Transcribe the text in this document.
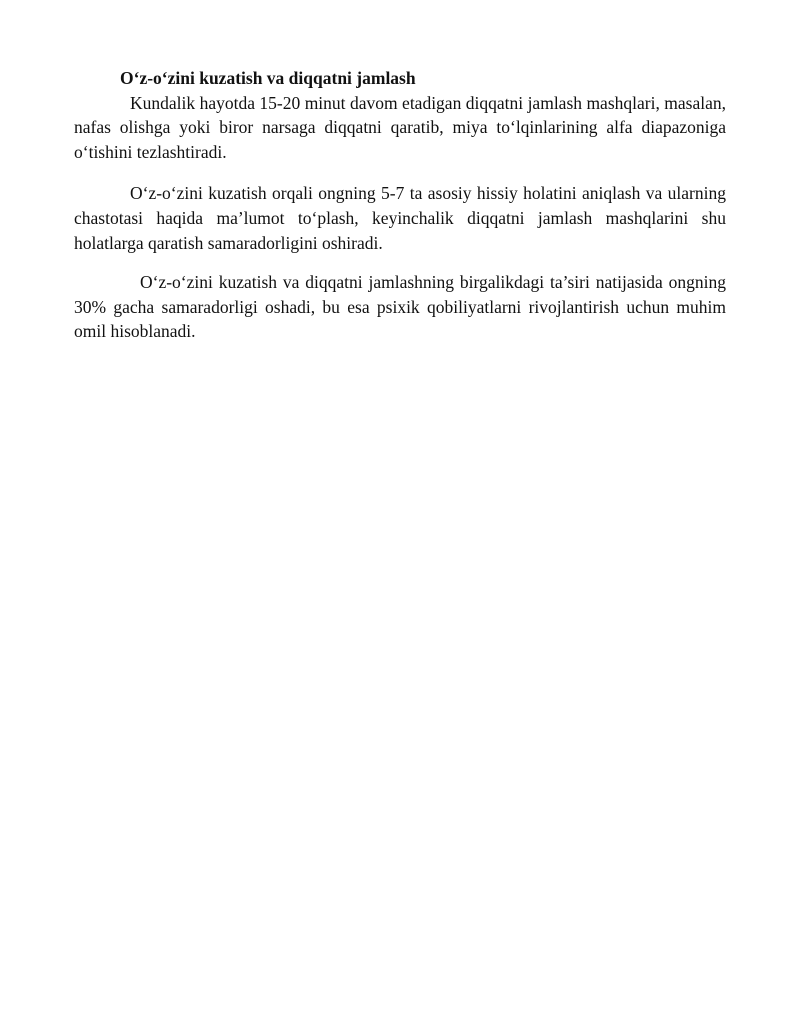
O‘z-o‘zini kuzatish va diqqatni jamlash

Kundalik hayotda 15-20 minut davom etadigan diqqatni jamlash mashqlari, masalan, nafas olishga yoki biror narsaga diqqatni qaratib, miya to‘lqinlarining alfa diapazoniga o‘tishini tezlashtiradi.

O‘z-o‘zini kuzatish orqali ongning 5-7 ta asosiy hissiy holatini aniqlash va ularning chastotasi haqida ma’lumot to‘plash, keyinchalik diqqatni jamlash mashqlarini shu holatlarga qaratish samaradorligini oshiradi.

O‘z-o‘zini kuzatish va diqqatni jamlashning birgalikdagi ta’siri natijasida ongning 30% gacha samaradorligi oshadi, bu esa psixik qobiliyatlarni rivojlantirish uchun muhim omil hisoblanadi.
